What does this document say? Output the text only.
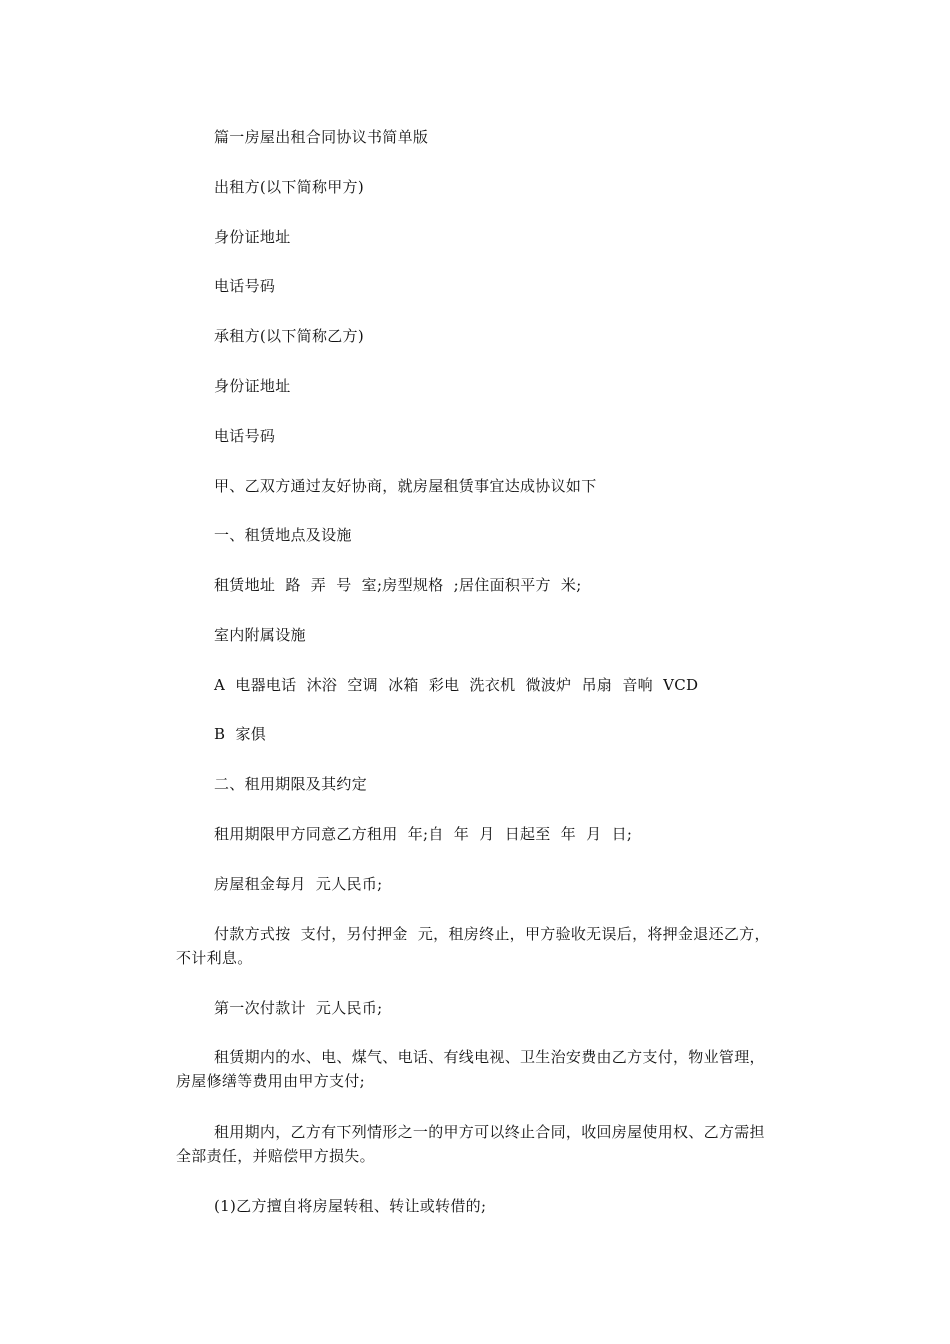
篇一房屋出租合同协议书简单版

出租方(以下简称甲方)

身份证地址

电话号码

承租方(以下简称乙方)

身份证地址

电话号码

甲、乙双方通过友好协商，就房屋租赁事宜达成协议如下

一、租赁地点及设施

租赁地址  路  弄  号  室;房型规格  ;居住面积平方  米;

室内附属设施

A  电器电话  沐浴  空调  冰箱  彩电  洗衣机  微波炉  吊扇  音响  VCD

B  家俱

二、租用期限及其约定

租用期限甲方同意乙方租用  年;自  年  月  日起至  年  月  日;

房屋租金每月  元人民币;

付款方式按  支付，另付押金  元，租房终止，甲方验收无误后，将押金退还乙方，不计利息。

第一次付款计  元人民币;

租赁期内的水、电、煤气、电话、有线电视、卫生治安费由乙方支付，物业管理，房屋修缮等费用由甲方支付;

租用期内，乙方有下列情形之一的甲方可以终止合同，收回房屋使用权、乙方需担全部责任，并赔偿甲方损失。

(1)乙方擅自将房屋转租、转让或转借的;
